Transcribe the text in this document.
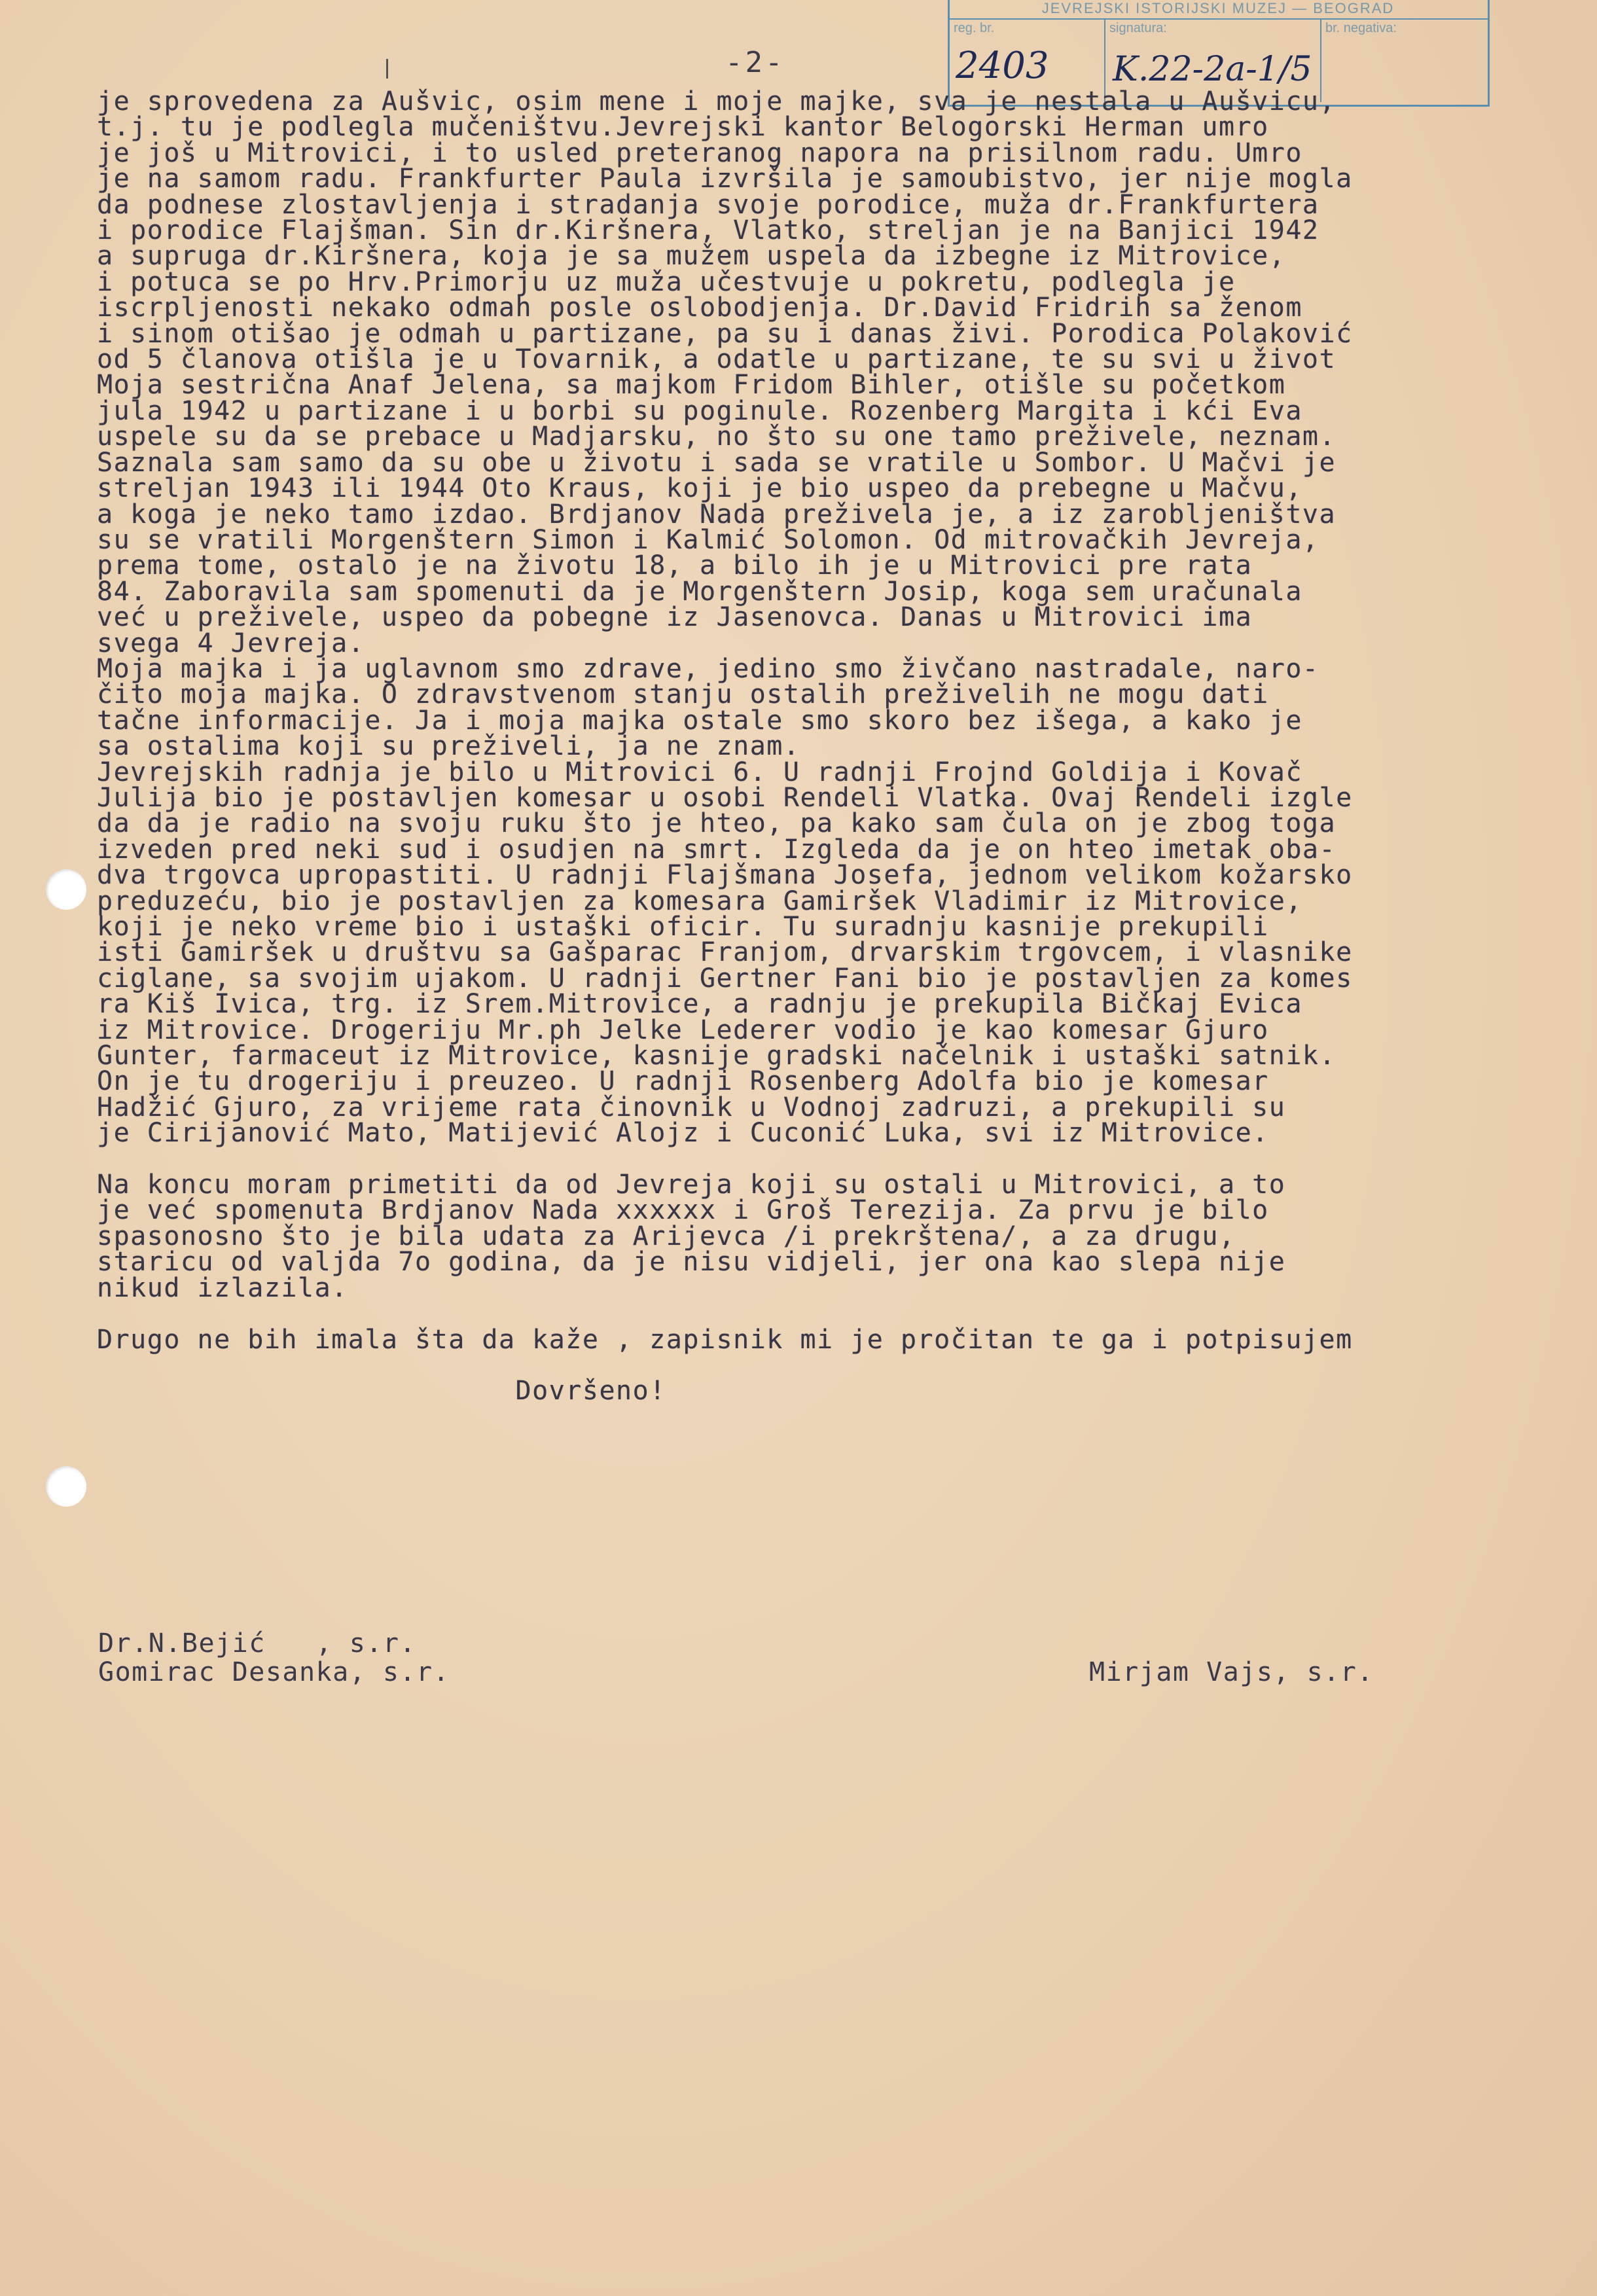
JEVREJSKI ISTORIJSKI MUZEJ — BEOGRAD
reg. br.	signatura:	br. negativa:
2403 K.22-2a-1/5
-2-
je sprovedena za Aušvic, osim mene i moje majke, sva je nestala u Aušvicu,
t.j. tu je podlegla mučeništvu.Jevrejski kantor Belogorski Herman umro
je još u Mitrovici, i to usled preteranog napora na prisilnom radu. Umro
je na samom radu. Frankfurter Paula izvršila je samoubistvo, jer nije mogla
da podnese zlostavljenja i stradanja svoje porodice, muža dr.Frankfurtera
i porodice Flajšman. Sin dr.Kiršnera, Vlatko, streljan je na Banjici 1942
a supruga dr.Kiršnera, koja je sa mužem uspela da izbegne iz Mitrovice,
i potuca se po Hrv.Primorju uz muža učestvuje u pokretu, podlegla je
iscrpljenosti nekako odmah posle oslobodjenja. Dr.David Fridrih sa ženom
i sinom otišao je odmah u partizane, pa su i danas živi. Porodica Polaković
od 5 članova otišla je u Tovarnik, a odatle u partizane, te su svi u život
Moja sestrična Anaf Jelena, sa majkom Fridom Bihler, otišle su početkom
jula 1942 u partizane i u borbi su poginule. Rozenberg Margita i kći Eva
uspele su da se prebace u Madjarsku, no što su one tamo preživele, neznam.
Saznala sam samo da su obe u životu i sada se vratile u Sombor. U Mačvi je
streljan 1943 ili 1944 Oto Kraus, koji je bio uspeo da prebegne u Mačvu,
a koga je neko tamo izdao. Brdjanov Nada preživela je, a iz zarobljeništva
su se vratili Morgenštern Simon i Kalmić Solomon. Od mitrovačkih Jevreja,
prema tome, ostalo je na životu 18, a bilo ih je u Mitrovici pre rata
84. Zaboravila sam spomenuti da je Morgenštern Josip, koga sem uračunala
već u preživele, uspeo da pobegne iz Jasenovca. Danas u Mitrovici ima
svega 4 Jevreja.
Moja majka i ja uglavnom smo zdrave, jedino smo živčano nastradale, naro-
čito moja majka. O zdravstvenom stanju ostalih preživelih ne mogu dati
tačne informacije. Ja i moja majka ostale smo skoro bez išega, a kako je
sa ostalima koji su preživeli, ja ne znam.
Jevrejskih radnja je bilo u Mitrovici 6. U radnji Frojnd Goldija i Kovač
Julija bio je postavljen komesar u osobi Rendeli Vlatka. Ovaj Rendeli izgle
da da je radio na svoju ruku što je hteo, pa kako sam čula on je zbog toga
izveden pred neki sud i osudjen na smrt. Izgleda da je on hteo imetak oba-
dva trgovca upropastiti. U radnji Flajšmana Josefa, jednom velikom kožarsko
preduzeću, bio je postavljen za komesara Gamiršek Vladimir iz Mitrovice,
koji je neko vreme bio i ustaški oficir. Tu suradnju kasnije prekupili
isti Gamiršek u društvu sa Gašparac Franjom, drvarskim trgovcem, i vlasnike
ciglane, sa svojim ujakom. U radnji Gertner Fani bio je postavljen za komes
ra Kiš Ivica, trg. iz Srem.Mitrovice, a radnju je prekupila Bičkaj Evica
iz Mitrovice. Drogeriju Mr.ph Jelke Lederer vodio je kao komesar Gjuro
Gunter, farmaceut iz Mitrovice, kasnije gradski načelnik i ustaški satnik.
On je tu drogeriju i preuzeo. U radnji Rosenberg Adolfa bio je komesar
Hadžić Gjuro, za vrijeme rata činovnik u Vodnoj zadruzi, a prekupili su
je Cirijanović Mato, Matijević Alojz i Cuconić Luka, svi iz Mitrovice.

Na koncu moram primetiti da od Jevreja koji su ostali u Mitrovici, a to
je već spomenuta Brdjanov Nada xxxxxx i Groš Terezija. Za prvu je bilo
spasonosno što je bila udata za Arijevca /i prekrštena/, a za drugu,
staricu od valjda 7o godina, da je nisu vidjeli, jer ona kao slepa nije
nikud izlazila.

Drugo ne bih imala šta da kaže , zapisnik mi je pročitan te ga i potpisujem

Dovršeno!
Dr.N.Bejić   , s.r.
Gomirac Desanka, s.r.	Mirjam Vajs, s.r.
